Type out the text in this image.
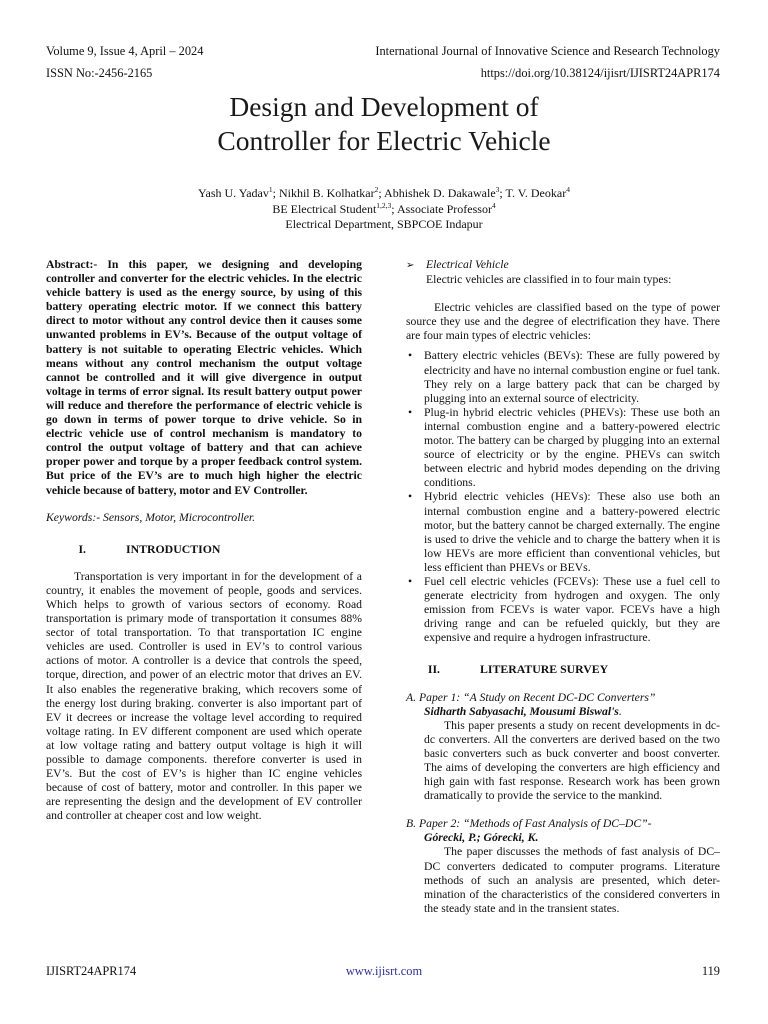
Volume 9, Issue 4, April – 2024	International Journal of Innovative Science and Research Technology
ISSN No:-2456-2165	https://doi.org/10.38124/ijisrt/IJISRT24APR174
Design and Development of
Controller for Electric Vehicle
Yash U. Yadav$^1$; Nikhil B. Kolhatkar$^2$; Abhishek D. Dakawale$^3$; T. V. Deokar$^4$
BE Electrical Student$^{1,2,3}$; Associate Professor$^4$
Electrical Department, SBPCOE Indapur

Abstract:- In this paper, we designing and developing controller and converter for the electric vehicles. In the electric vehicle battery is used as the energy source, by using of this battery operating electric motor. If we connect this battery direct to motor without any control device then it causes some unwanted problems in EV’s. Because of the output voltage of battery is not suitable to operating Electric vehicles. Which means without any control mechanism the output voltage cannot be controlled and it will give divergence in output voltage in terms of error signal. Its result battery output power will reduce and therefore the performance of electric vehicle is go down in terms of power torque to drive vehicle. So in electric vehicle use of control mechanism is mandatory to control the output voltage of battery and that can achieve proper power and torque by a proper feedback control system. But price of the EV’s are to much high higher the electric vehicle because of battery, motor and EV Controller.

Keywords:- Sensors, Motor, Microcontroller.

I.	INTRODUCTION

Transportation is very important in for the development of a country, it enables the movement of people, goods and services. Which helps to growth of various sectors of economy. Road transportation is primary mode of transportation it consumes 88% sector of total transportation. To that transportation IC engine vehicles are used. Controller is used in EV’s to control various actions of motor. A controller is a device that controls the speed, torque, direction, and power of an electric motor that drives an EV. It also enables the regenerative braking, which recovers some of the energy lost during braking. converter is also important part of EV it decrees or increase the voltage level according to required voltage rating. In EV different component are used which operate at low voltage rating and battery output voltage is high it will possible to damage components. therefore converter is used in EV’s. But the cost of EV’s is higher than IC engine vehicles because of cost of battery, motor and controller. In this paper we are representing the design and the development of EV controller and controller at cheaper cost and low weight.

➢ Electrical Vehicle

Electric vehicles are classified in to four main types:

Electric vehicles are classified based on the type of power source they use and the degree of electrification they have. There are four main types of electric vehicles:

• Battery electric vehicles (BEVs): These are fully powered by electricity and have no internal combustion engine or fuel tank. They rely on a large battery pack that can be charged by plugging into an external source of electricity.
• Plug-in hybrid electric vehicles (PHEVs): These use both an internal combustion engine and a battery-powered electric motor. The battery can be charged by plugging into an external source of electricity or by the engine. PHEVs can switch between electric and hybrid modes depending on the driving conditions.
• Hybrid electric vehicles (HEVs): These also use both an internal combustion engine and a battery-powered electric motor, but the battery cannot be charged externally. The engine is used to drive the vehicle and to charge the battery when it is low HEVs are more efficient than conventional vehicles, but less efficient than PHEVs or BEVs.
• Fuel cell electric vehicles (FCEVs): These use a fuel cell to generate electricity from hydrogen and oxygen. The only emission from FCEVs is water vapor. FCEVs have a high driving range and can be refueled quickly, but they are expensive and require a hydrogen infrastructure.

II.	LITERATURE SURVEY

A. Paper 1: “A Study on Recent DC-DC Converters”
Sidharth Sabyasachi, Mousumi Biswal's.

This paper presents a study on recent developments in dc-dc converters. All the converters are derived based on the two basic converters such as buck converter and boost converter. The aims of developing the converters are high efficiency and high gain with fast response. Research work has been grown dramatically to provide the service to the mankind.

B. Paper 2: “Methods of Fast Analysis of DC–DC”-
Górecki, P.; Górecki, K.

The paper discusses the methods of fast analysis of DC–DC converters dedicated to computer programs. Literature methods of such an analysis are presented, which deter-mination of the characteristics of the considered converters in the steady state and in the transient states.

IJISRT24APR174	www.ijisrt.com	119
